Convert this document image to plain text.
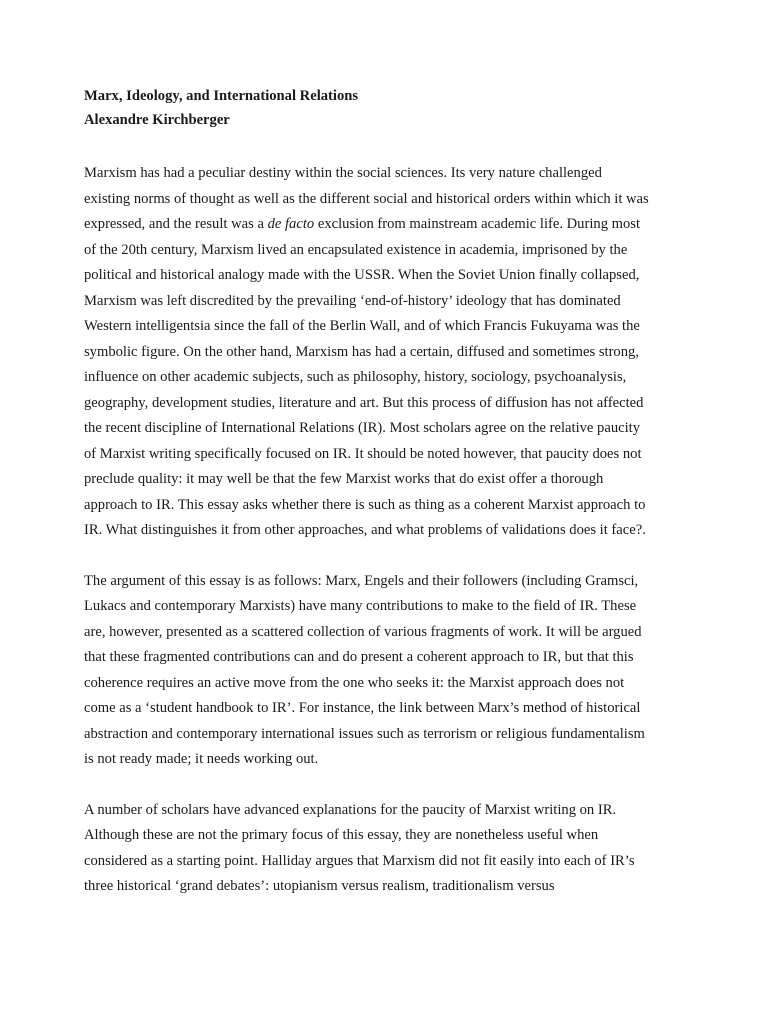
Marx, Ideology, and International Relations

Alexandre Kirchberger

Marxism has had a peculiar destiny within the social sciences. Its very nature challenged
existing norms of thought as well as the different social and historical orders within which it was
expressed, and the result was a de facto exclusion from mainstream academic life. During most
of the 20th century, Marxism lived an encapsulated existence in academia, imprisoned by the
political and historical analogy made with the USSR. When the Soviet Union finally collapsed,
Marxism was left discredited by the prevailing ‘end-of-history’ ideology that has dominated
Western intelligentsia since the fall of the Berlin Wall, and of which Francis Fukuyama was the
symbolic figure. On the other hand, Marxism has had a certain, diffused and sometimes strong,
influence on other academic subjects, such as philosophy, history, sociology, psychoanalysis,
geography, development studies, literature and art. But this process of diffusion has not affected
the recent discipline of International Relations (IR). Most scholars agree on the relative paucity
of Marxist writing specifically focused on IR. It should be noted however, that paucity does not
preclude quality: it may well be that the few Marxist works that do exist offer a thorough
approach to IR. This essay asks whether there is such as thing as a coherent Marxist approach to
IR. What distinguishes it from other approaches, and what problems of validations does it face?.

The argument of this essay is as follows: Marx, Engels and their followers (including Gramsci,
Lukacs and contemporary Marxists) have many contributions to make to the field of IR. These
are, however, presented as a scattered collection of various fragments of work. It will be argued
that these fragmented contributions can and do present a coherent approach to IR, but that this
coherence requires an active move from the one who seeks it: the Marxist approach does not
come as a ‘student handbook to IR’. For instance, the link between Marx’s method of historical
abstraction and contemporary international issues such as terrorism or religious fundamentalism
is not ready made; it needs working out.

A number of scholars have advanced explanations for the paucity of Marxist writing on IR.
Although these are not the primary focus of this essay, they are nonetheless useful when
considered as a starting point. Halliday argues that Marxism did not fit easily into each of IR’s
three historical ‘grand debates’: utopianism versus realism, traditionalism versus
